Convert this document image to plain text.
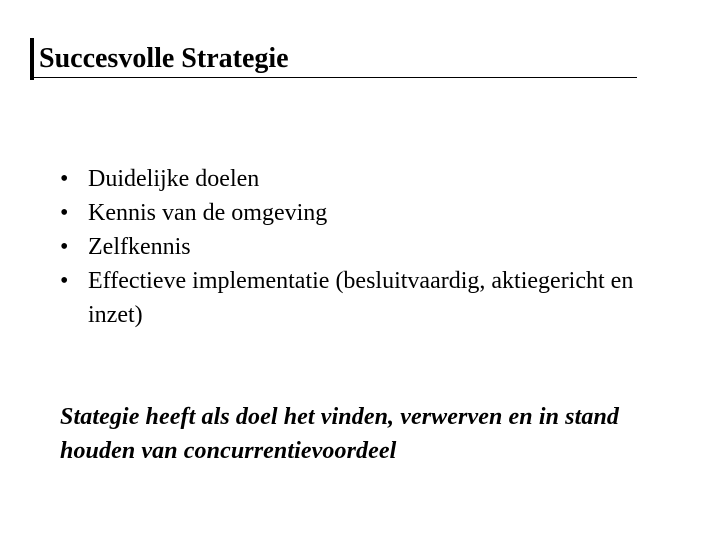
Succesvolle Strategie
• Duidelijke doelen
• Kennis van de omgeving
• Zelfkennis
• Effectieve implementatie (besluitvaardig, aktiegericht en inzet)
Stategie heeft als doel het vinden, verwerven en in stand houden van concurrentievoordeel
